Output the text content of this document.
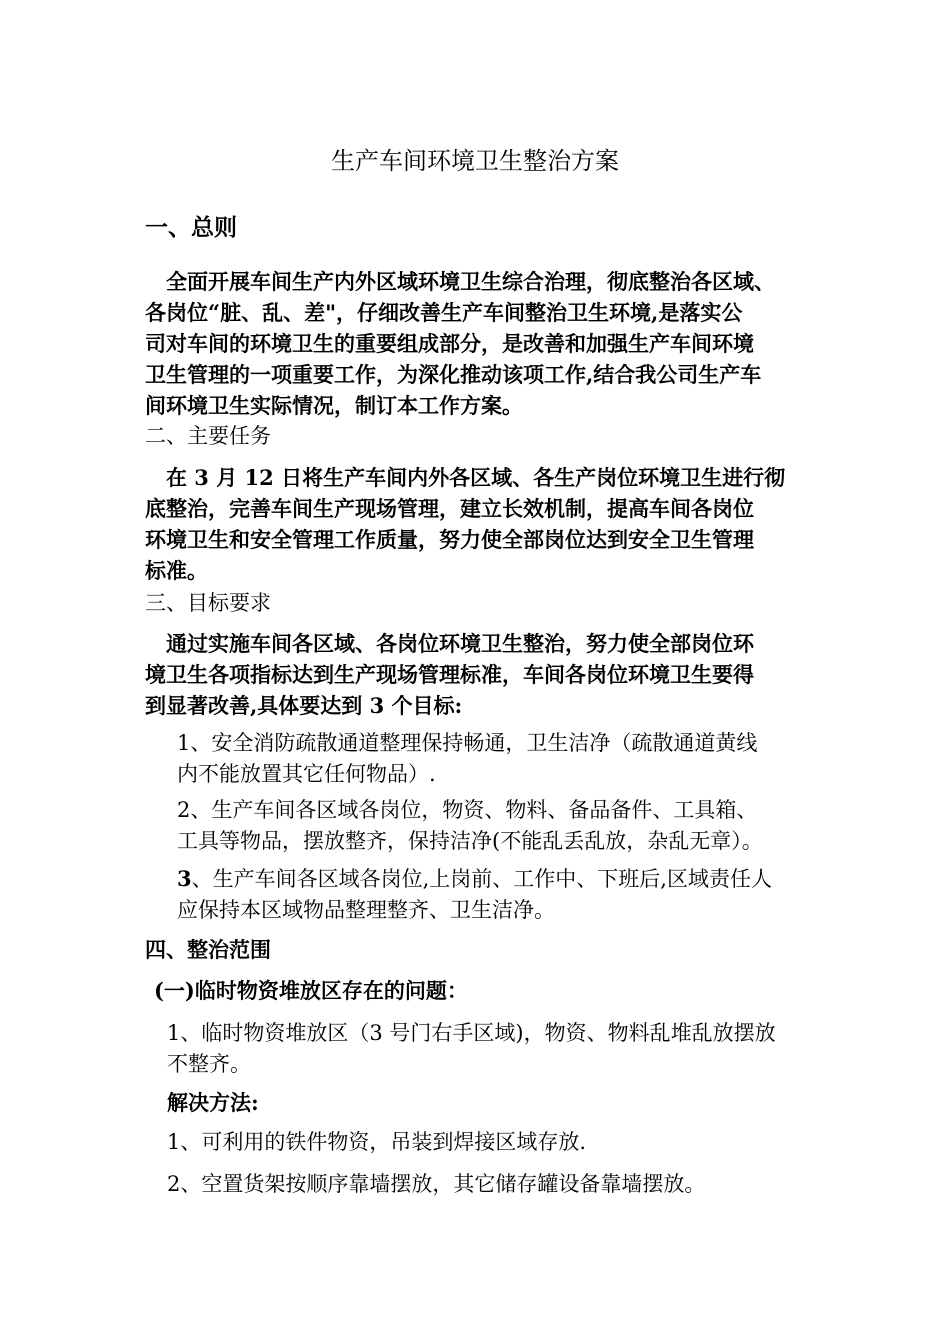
生产车间环境卫生整治方案
一、总则
　全面开展车间生产内外区域环境卫生综合治理，彻底整治各区域、
各岗位“脏、乱、差"，仔细改善生产车间整治卫生环境,是落实公
司对车间的环境卫生的重要组成部分，是改善和加强生产车间环境
卫生管理的一项重要工作，为深化推动该项工作,结合我公司生产车
间环境卫生实际情况，制订本工作方案。
二、主要任务
　在 3 月 12 日将生产车间内外各区域、各生产岗位环境卫生进行彻
底整治，完善车间生产现场管理，建立长效机制，提高车间各岗位
环境卫生和安全管理工作质量，努力使全部岗位达到安全卫生管理
标准。
三、目标要求
　通过实施车间各区域、各岗位环境卫生整治，努力使全部岗位环
境卫生各项指标达到生产现场管理标准，车间各岗位环境卫生要得
到显著改善,具体要达到 3 个目标:
1、安全消防疏散通道整理保持畅通，卫生洁净（疏散通道黄线
内不能放置其它任何物品）.
2、生产车间各区域各岗位，物资、物料、备品备件、工具箱、
工具等物品，摆放整齐，保持洁净(不能乱丢乱放，杂乱无章）。
3、生产车间各区域各岗位,上岗前、工作中、下班后,区域责任人
应保持本区域物品整理整齐、卫生洁净。
四、整治范围
(一)临时物资堆放区存在的问题：
1、临时物资堆放区（3 号门右手区域)，物资、物料乱堆乱放摆放
不整齐。
解决方法:
1、可利用的铁件物资，吊装到焊接区域存放.
2、空置货架按顺序靠墙摆放，其它储存罐设备靠墙摆放。
